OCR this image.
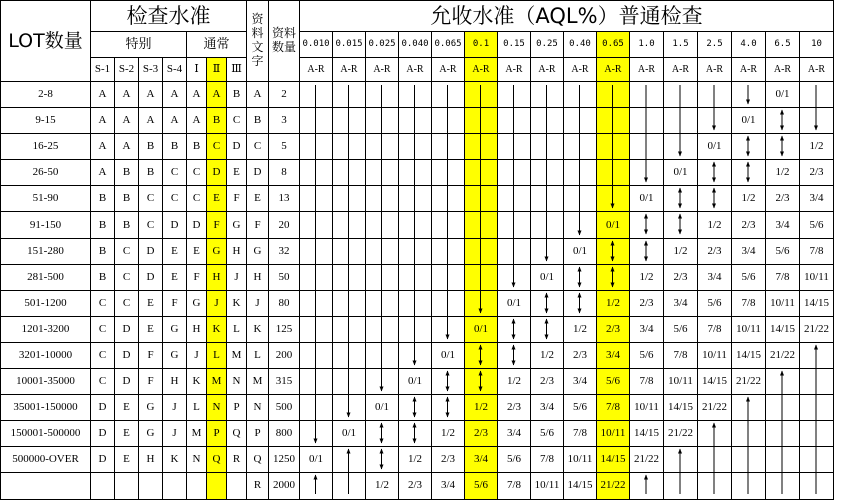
LOT数量	检查水准							资料文字	资料数量	允收水准（AQL%）普通检查															
	特别				通常					0.010	0.015	0.025	0.040	0.065	0.1	0.15	0.25	0.40	0.65	1.0	1.5	2.5	4.0	6.5	10
	S-1	S-2	S-3	S-4	Ⅰ	Ⅱ	Ⅲ			A-R	A-R	A-R	A-R	A-R	A-R	A-R	A-R	A-R	A-R	A-R	A-R	A-R	A-R	A-R	A-R
2-8	A	A	A	A	A	A	B	A	2															0/1	
9-15	A	A	A	A	A	B	C	B	3														0/1		
16-25	A	A	B	B	B	C	D	C	5													0/1			1/2
26-50	A	B	B	C	C	D	E	D	8												0/1			1/2	2/3
51-90	B	B	C	C	C	E	F	E	13											0/1			1/2	2/3	3/4
91-150	B	B	C	D	D	F	G	F	20										0/1			1/2	2/3	3/4	5/6
151-280	B	C	D	E	E	G	H	G	32									0/1			1/2	2/3	3/4	5/6	7/8
281-500	B	C	D	E	F	H	J	H	50								0/1			1/2	2/3	3/4	5/6	7/8	10/11
501-1200	C	C	E	F	G	J	K	J	80							0/1			1/2	2/3	3/4	5/6	7/8	10/11	14/15
1201-3200	C	D	E	G	H	K	L	K	125						0/1			1/2	2/3	3/4	5/6	7/8	10/11	14/15	21/22
3201-10000	C	D	F	G	J	L	M	L	200					0/1			1/2	2/3	3/4	5/6	7/8	10/11	14/15	21/22	
10001-35000	C	D	F	H	K	M	N	M	315				0/1			1/2	2/3	3/4	5/6	7/8	10/11	14/15	21/22		
35001-150000	D	E	G	J	L	N	P	N	500			0/1			1/2	2/3	3/4	5/6	7/8	10/11	14/15	21/22			
150001-500000	D	E	G	J	M	P	Q	P	800		0/1			1/2	2/3	3/4	5/6	7/8	10/11	14/15	21/22				
500000-OVER	D	E	H	K	N	Q	R	Q	1250	0/1			1/2	2/3	3/4	5/6	7/8	10/11	14/15	21/22					
								R	2000			1/2	2/3	3/4	5/6	7/8	10/11	14/15	21/22						
